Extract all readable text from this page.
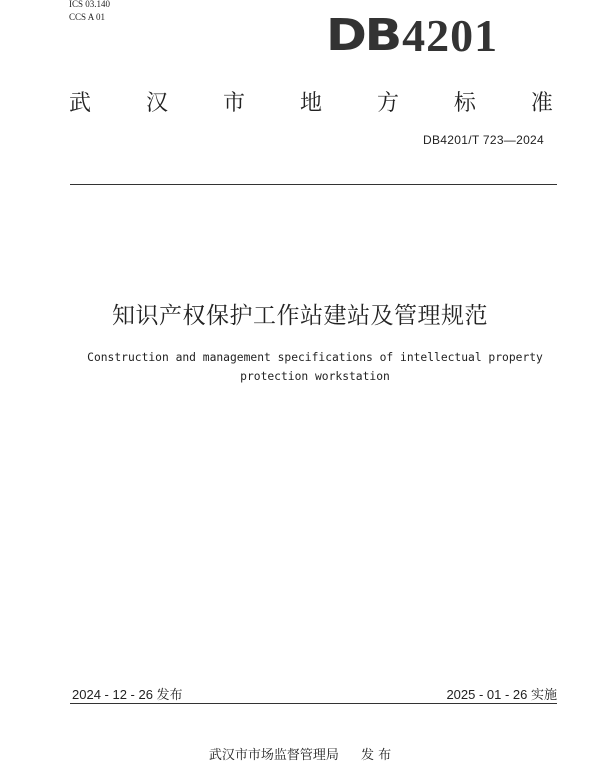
ICS 03.140
CCS A 01	DB 4201
武 汉 市 地 方 标 准
DB4201/T 723—2024
知识产权保护工作站建站及管理规范
Construction and management specifications of intellectual property
protection workstation
2024 - 12 - 26 发布	2025 - 01 - 26 实施
武汉市市场监督管理局 发 布
